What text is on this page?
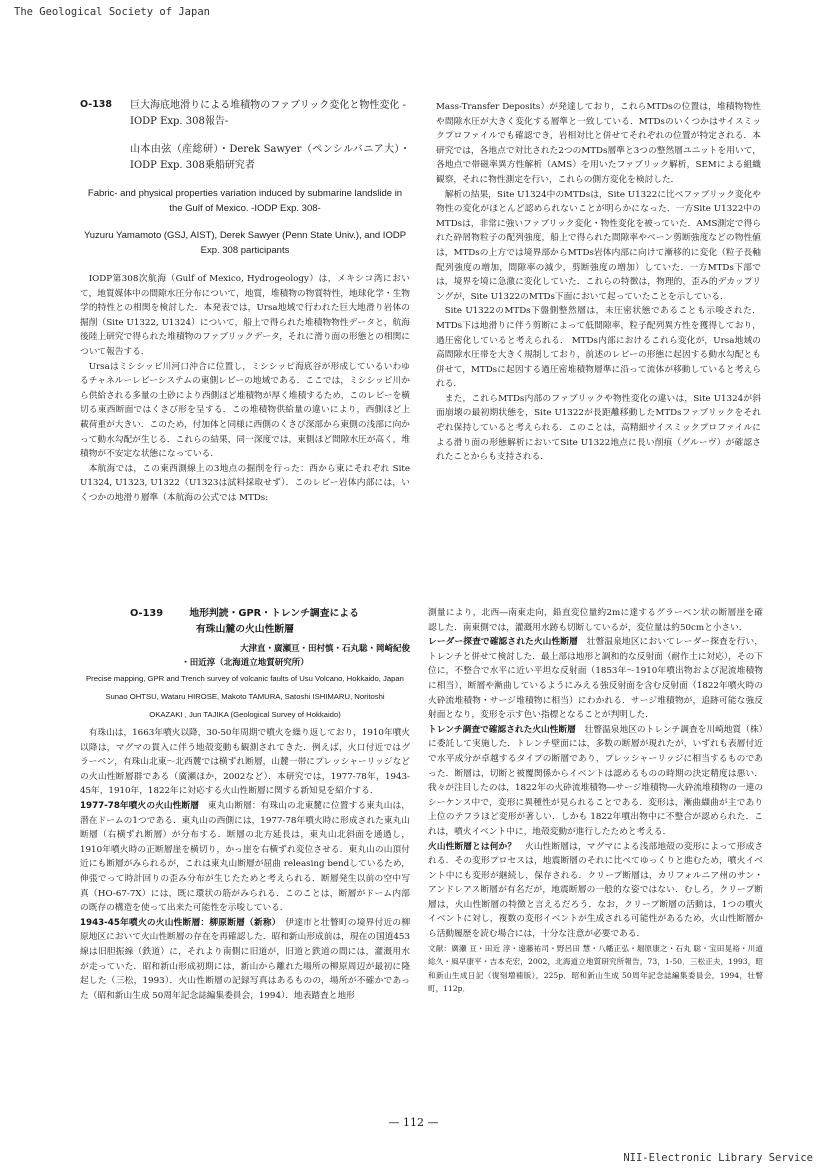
The Geological Society of Japan
O-138 巨大海底地滑りによる堆積物のファブリック変化と物性変化 -IODP Exp. 308報告-
山本由弦（産総研）・Derek Sawyer（ペンシルバニア大）・IODP Exp. 308乗船研究者
Fabric- and physical properties variation induced by submarine landslide in the Gulf of Mexico. -IODP Exp. 308-
Yuzuru Yamamoto (GSJ, AIST), Derek Sawyer (Penn State Univ.), and IODP Exp. 308 participants

IODP第308次航海（Gulf of Mexico, Hydrogeology）は，メキシコ湾において，地質媒体中の間隙水圧分布について，地質，堆積物の物質特性，地球化学・生物学的特性との相関を検討した．本発表では，Ursa地域で行われた巨大地滑り岩体の掘削（Site U1322, U1324）について，船上で得られた堆積物物性データと，航海後陸上研究で得られた堆積物のファブリックデータ，それに滑り面の形態との相関について報告する．

Ursaはミシシッピ川河口沖合に位置し，ミシシッピ海底谷が形成しているいわゆるチャネルーレビーシステムの東側レビーの地域である．ここでは，ミシシッピ川から供給される多量の土砂により西側ほど堆積物が厚く堆積するため，このレビーを横切る東西断面ではくさび形を呈する．この堆積物供給量の違いにより，西側ほど上載荷重が大きい．このため，付加体と同様に西側のくさび深部から東側の浅部に向かって動水勾配が生じる．これらの結果，同一深度では，東側ほど間隙水圧が高く，堆積物が不安定な状態になっている．

本航海では，この東西測線上の3地点の掘削を行った：西から東にそれぞれ Site U1324, U1323, U1322（U1323は試料採取せず）．このレビー岩体内部には，いくつかの地滑り層準（本航海の公式では MTDs:

Mass-Transfer Deposits）が発達しており，これらMTDsの位置は，堆積物物性や間隙水圧が大きく変化する層準と一致している．MTDsのいくつかはサイスミックプロファイルでも確認でき，岩相対比と併せてそれぞれの位置が特定される．本研究では，各地点で対比された2つのMTDs層準と3つの整然層ユニットを用いて，各地点で帯磁率異方性解析（AMS）を用いたファブリック解析，SEMによる組織観察，それに物性測定を行い，これらの側方変化を検討した．

解析の結果，Site U1324中のMTDsは，Site U1322に比べファブリック変化や物性の変化がほとんど認められないことが明らかになった．一方Site U1322中のMTDsは，非常に強いファブリック変化・物性変化を被っていた．AMS測定で得られた砕屑物粒子の配列強度，船上で得られた間隙率やベーン剪断強度などの物性値は，MTDsの上方では境界部からMTDs岩体内部に向けて漸移的に変化（粒子長軸配列強度の増加，間隙率の減少，剪断強度の増加）していた．一方MTDs下部では，境界を境に急激に変化していた．これらの特徴は，物理的，歪み的デカップリングが，Site U1322のMTDs下面において起っていたことを示している．

Site U1322のMTDs下盤側整然層は，未圧密状態であることも示唆された．MTDs下は地滑りに伴う剪断によって低間隙率，粒子配列異方性を獲得しており，過圧密化していると考えられる． MTDs内部におけるこれら変化が，Ursa地域の高間隙水圧帯を大きく規制しており，前述のレビーの形態に起因する動水勾配とも併せて，MTDsに起因する過圧密堆積物層準に沿って流体が移動していると考えられる．

また，これらMTDs内部のファブリックや物性変化の違いは，Site U1324が斜面崩壊の最初期状態を，Site U1322が長距離移動したMTDsファブリックをそれぞれ保持していると考えられる．このことは，高精細サイスミックプロファイルによる滑り面の形態解析においてSite U1322地点に長い削痕（グルーヴ）が確認されたことからも支持される．

O-139	地形判読・GPR・トレンチ調査による
有珠山麓の火山性断層
大津直・廣瀬亘・田村慎・石丸聡・岡崎紀俊
・田近淳（北海道立地質研究所）
Precise mapping, GPR and Trench survey of volcanic faults of Usu Volcano, Hokkaido, Japan
Sunao OHTSU, Wataru HIROSE, Makoto TAMURA, Satoshi ISHIMARU, Noritoshi
OKAZAKI , Jun TAJIKA (Geological Survey of Hokkaido)

有珠山は，1663年噴火以降，30-50年周期で噴火を繰り返しており，1910年噴火以降は，マグマの貫入に伴う地殻変動も観測されてきた．例えば，火口付近ではグラーベン，有珠山北東～北西麓では横ずれ断層，山麓一帯にプレッシャーリッジなどの火山性断層群である（廣瀬ほか，2002など）．本研究では，1977-78年，1943-45年，1910年，1822年に対応する火山性断層に関する新知見を紹介する．

1977-78年噴火の火山性断層　 東丸山断層：有珠山の北東麓に位置する東丸山は，潜在ドームの1つである．東丸山の西側には，1977-78年噴火時に形成された東丸山断層（右横ずれ断層）が分布する．断層の北方延長は，東丸山北斜面を通過し，1910年噴火時の正断層崖を横切り，かっ崖を右横ずれ変位させる．東丸山の山頂付近にも断層がみられるが，これは東丸山断層が屈曲 releasing bendしているため，伸張でって時計回りの歪み分布が生じたためと考えられる．断層発生以前の空中写真（HO-67-7X）には，既に環状の筋がみられる．このことは，断層がドーム内部の既存の構造を使って出来た可能性を示唆している．

1943-45年噴火の火山性断層：柳原断層（新称）　 伊達市と壮瞥町の境界付近の柳原地区において火山性断層の存在を再確認した．昭和新山形成前は，現在の国道453線は旧胆振線（鉄道）に，それより南側に旧道が，旧道と鉄道の間には，灌漑用水が走っていた．昭和新山形成初期には，新山から離れた場所の柳原周辺が最初に隆起した（三松，1993）．火山性断層の記録写真はあるものの，場所が不確かであった（昭和新山生成 50周年記念誌編集委員会，1994）．地表踏査と地形

測量により，北西―南東走向，鉛直変位量約2mに達するグラーベン状の断層崖を確認した．南東側では，灌漑用水跡も切断しているが，変位量は約50cmと小さい．

レーダー探査で確認された火山性断層　 壮瞥温泉地区においてレーダー探査を行い，トレンチと併せて検討した．最上部は地形と調和的な反射面（耐作土に対応），その下位に，不整合で水平に近い平坦な反射面（1853年〜1910年噴出物および泥流堆積物に相当），断層や漸曲しているようにみえる強反射面を含む反射面（1822年噴火時の火砕流堆積物・サージ堆積物に相当）にわかれる．サージ堆積物が，追跡可能な強反射面となり，変形を示す色い指標となることが判明した．

トレンチ調査で確認された火山性断層　 壮瞥温泉地区のトレンチ調査を川崎地質（株）に委託して実施した．トレンチ壁面には，多数の断層が現れたが，いずれも表層付近で水平成分が卓越するタイプの断層であり，プレッシャーリッジに相当するものであった．断層は，切断と被覆関係からイベントは認めるものの時期の決定精度は悪い．我々が注目したのは，1822年の火砕流堆積物―サージ堆積物―火砕流堆積物の一連のシーケンス中で，変形に異種性が見られることである．変形は，漸曲纈曲が主であり上位のテフラほど変形が著しい．しかも 1822年噴出物中に不整合が認められた．これは，噴火イベント中に，地殻変動が進行したためと考える．

火山性断層とは何か？　 火山性断層は，マグマによる浅部地殻の変形によって形成される．その変形プロセスは，地震断層のそれに比べてゆっくりと進むため，噴火イベント中にも変形が継続し，保存される．クリープ断層は，カリフォルニア州のサン・アンドレアス断層が有名だが，地震断層の一般的な姿ではない．むしろ，クリープ断層は，火山性断層の特徴と言えるだろう．なお，クリープ断層の活動は，1つの噴火イベントに対し，複数の変形イベントが生成される可能性があるため，火山性断層から活動履歴を読む場合には，十分な注意が必要である．

文献：廣瀬 亘・田近 淳・遠藤祐司・野呂田 慧・八幡正弘・堀原康之・石丸 聡・宝田晃裕・川道総久・風早康平・吉本充宏，2002，北海道立地質研究所報告，73，1-50．三松正夫，1993，昭和新山生成日記（復刻増補版），225p．昭和新山生成 50周年記念誌編集委員会，1994，壮瞥町，112p．

— 112 —
NII-Electronic Library Service
